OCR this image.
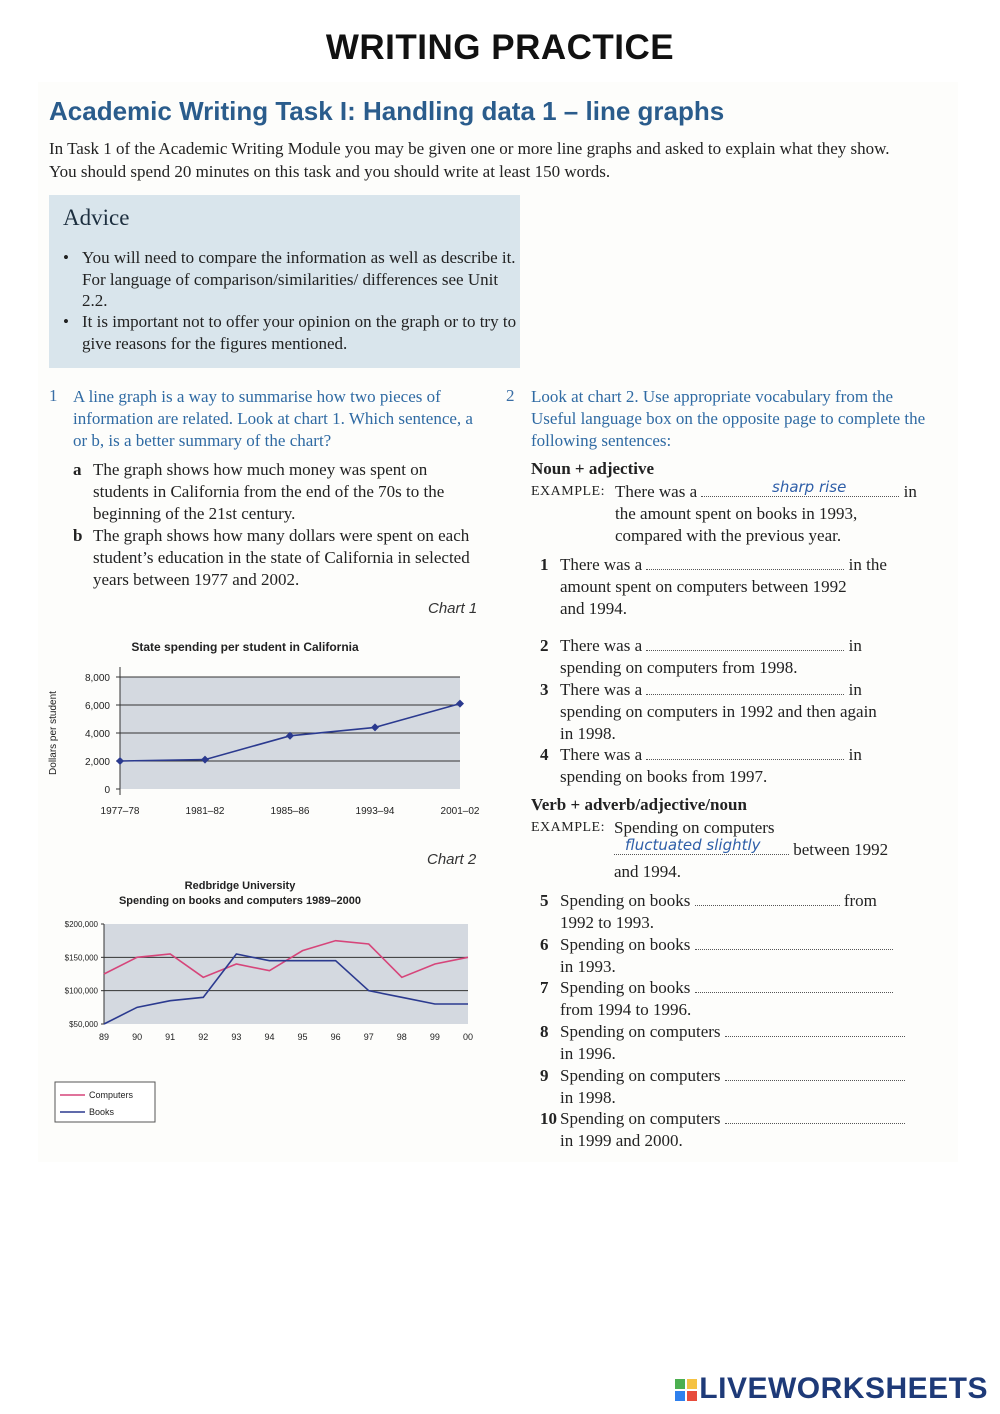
WRITING PRACTICE
Academic Writing Task I: Handling data 1 – line graphs
In Task 1 of the Academic Writing Module you may be given one or more line graphs and asked to explain what they show. You should spend 20 minutes on this task and you should write at least 150 words.
Advice
• You will need to compare the information as well as describe it. For language of comparison/similarities/ differences see Unit 2.2.
• It is important not to offer your opinion on the graph or to try to give reasons for the figures mentioned.
1 A line graph is a way to summarise how two pieces of information are related. Look at chart 1. Which sentence, a or b, is a better summary of the chart?
a The graph shows how much money was spent on students in California from the end of the 70s to the beginning of the 21st century.
b The graph shows how many dollars were spent on each student’s education in the state of California in selected years between 1977 and 2002.
Chart 1
State spending per student in California
0
2,000
4,000
6,000
8,000
1977–78	1981–82	1985–86	1993–94	2001–02
Dollars per student
Chart 2
Redbridge University
Spending on books and computers 1989–2000
$50,000
$100,000
$150,000
$200,000
89	90	91	92	93	94	95	96	97	98	99	00
Computers
Books
2 Look at chart 2. Use appropriate vocabulary from the Useful language box on the opposite page to complete the following sentences:
Noun + adjective
EXAMPLE: There was a	in
the amount spent on books in 1993,
compared with the previous year.
sharp rise
1 There was a	in the
amount spent on computers between 1992
and 1994.
2 There was a	in
spending on computers from 1998.
3 There was a	in
spending on computers in 1992 and then again
in 1998.
4 There was a	in
spending on books from 1997.
Verb + adverb/adjective/noun
EXAMPLE: Spending on computers
between 1992
and 1994.
fluctuated slightly
5 Spending on books	from
1992 to 1993.
6 Spending on books
in 1993.
7 Spending on books
from 1994 to 1996.
8 Spending on computers
in 1996.
9 Spending on computers
in 1998.
10 Spending on computers
in 1999 and 2000.
LIVEWORKSHEETS
